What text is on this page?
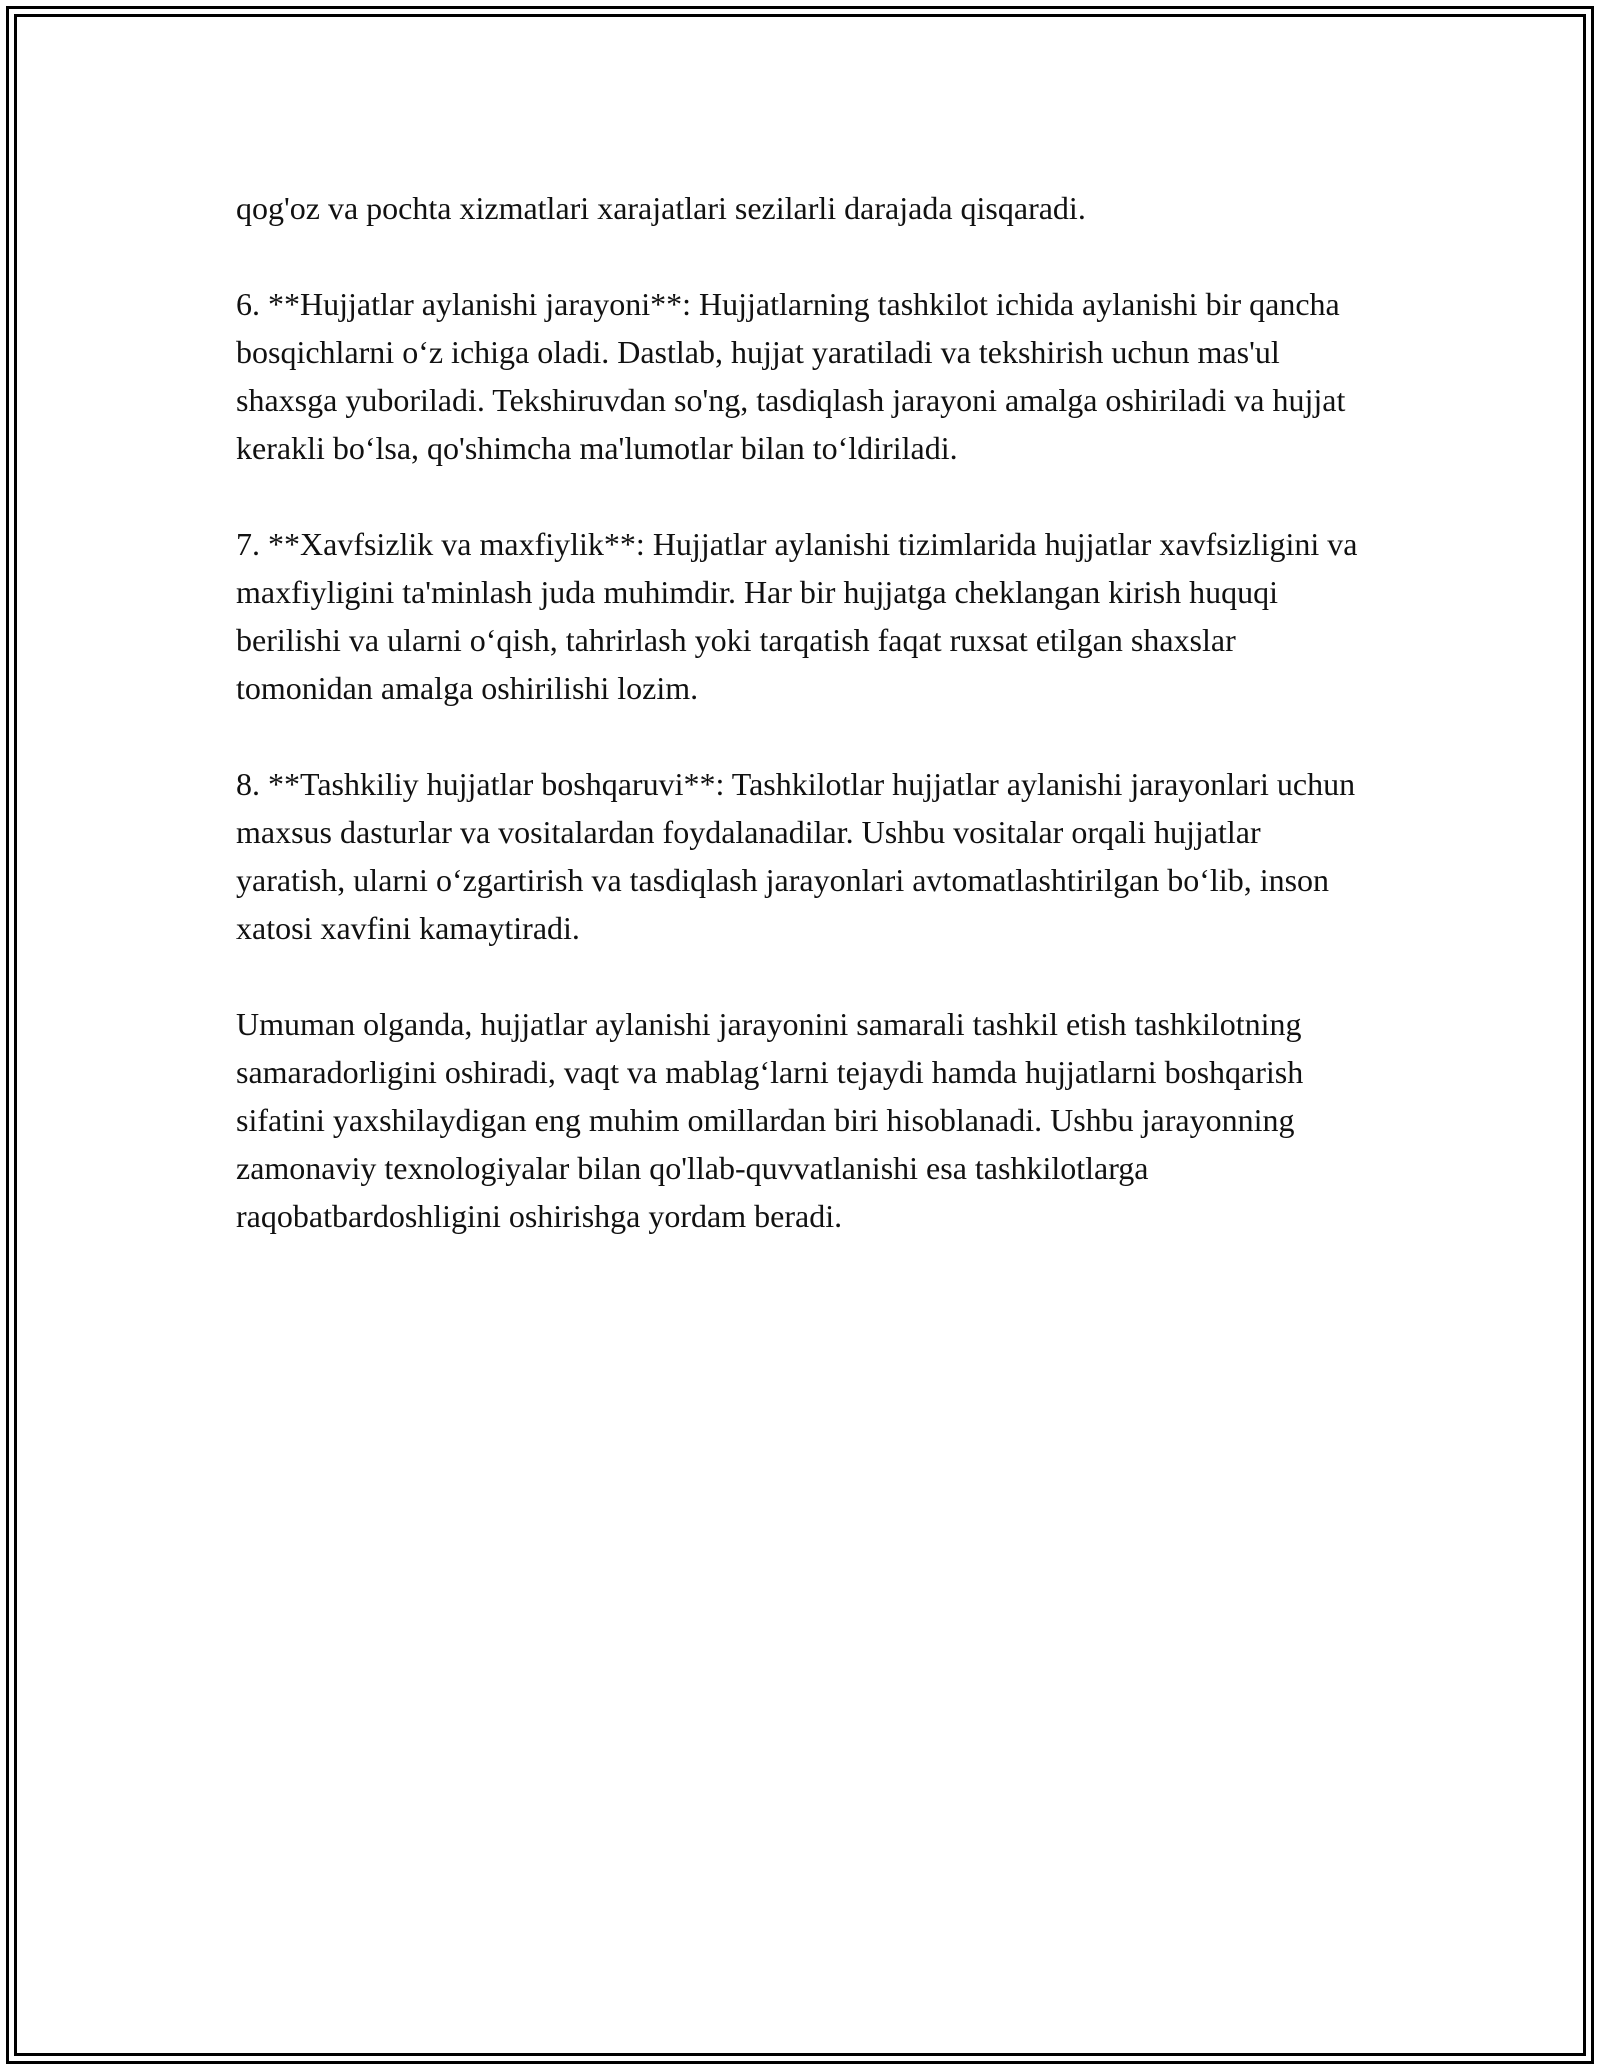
qog'oz va pochta xizmatlari xarajatlari sezilarli darajada qisqaradi.

6. **Hujjatlar aylanishi jarayoni**: Hujjatlarning tashkilot ichida aylanishi bir qancha bosqichlarni o‘z ichiga oladi. Dastlab, hujjat yaratiladi va tekshirish uchun mas'ul shaxsga yuboriladi. Tekshiruvdan so'ng, tasdiqlash jarayoni amalga oshiriladi va hujjat kerakli bo‘lsa, qo'shimcha ma'lumotlar bilan to‘ldiriladi.

7. **Xavfsizlik va maxfiylik**: Hujjatlar aylanishi tizimlarida hujjatlar xavfsizligini va maxfiyligini ta'minlash juda muhimdir. Har bir hujjatga cheklangan kirish huquqi berilishi va ularni o‘qish, tahrirlash yoki tarqatish faqat ruxsat etilgan shaxslar tomonidan amalga oshirilishi lozim.

8. **Tashkiliy hujjatlar boshqaruvi**: Tashkilotlar hujjatlar aylanishi jarayonlari uchun maxsus dasturlar va vositalardan foydalanadilar. Ushbu vositalar orqali hujjatlar yaratish, ularni o‘zgartirish va tasdiqlash jarayonlari avtomatlashtirilgan bo‘lib, inson xatosi xavfini kamaytiradi.

Umuman olganda, hujjatlar aylanishi jarayonini samarali tashkil etish tashkilotning samaradorligini oshiradi, vaqt va mablag‘larni tejaydi hamda hujjatlarni boshqarish sifatini yaxshilaydigan eng muhim omillardan biri hisoblanadi. Ushbu jarayonning zamonaviy texnologiyalar bilan qo'llab-quvvatlanishi esa tashkilotlarga raqobatbardoshligini oshirishga yordam beradi.
